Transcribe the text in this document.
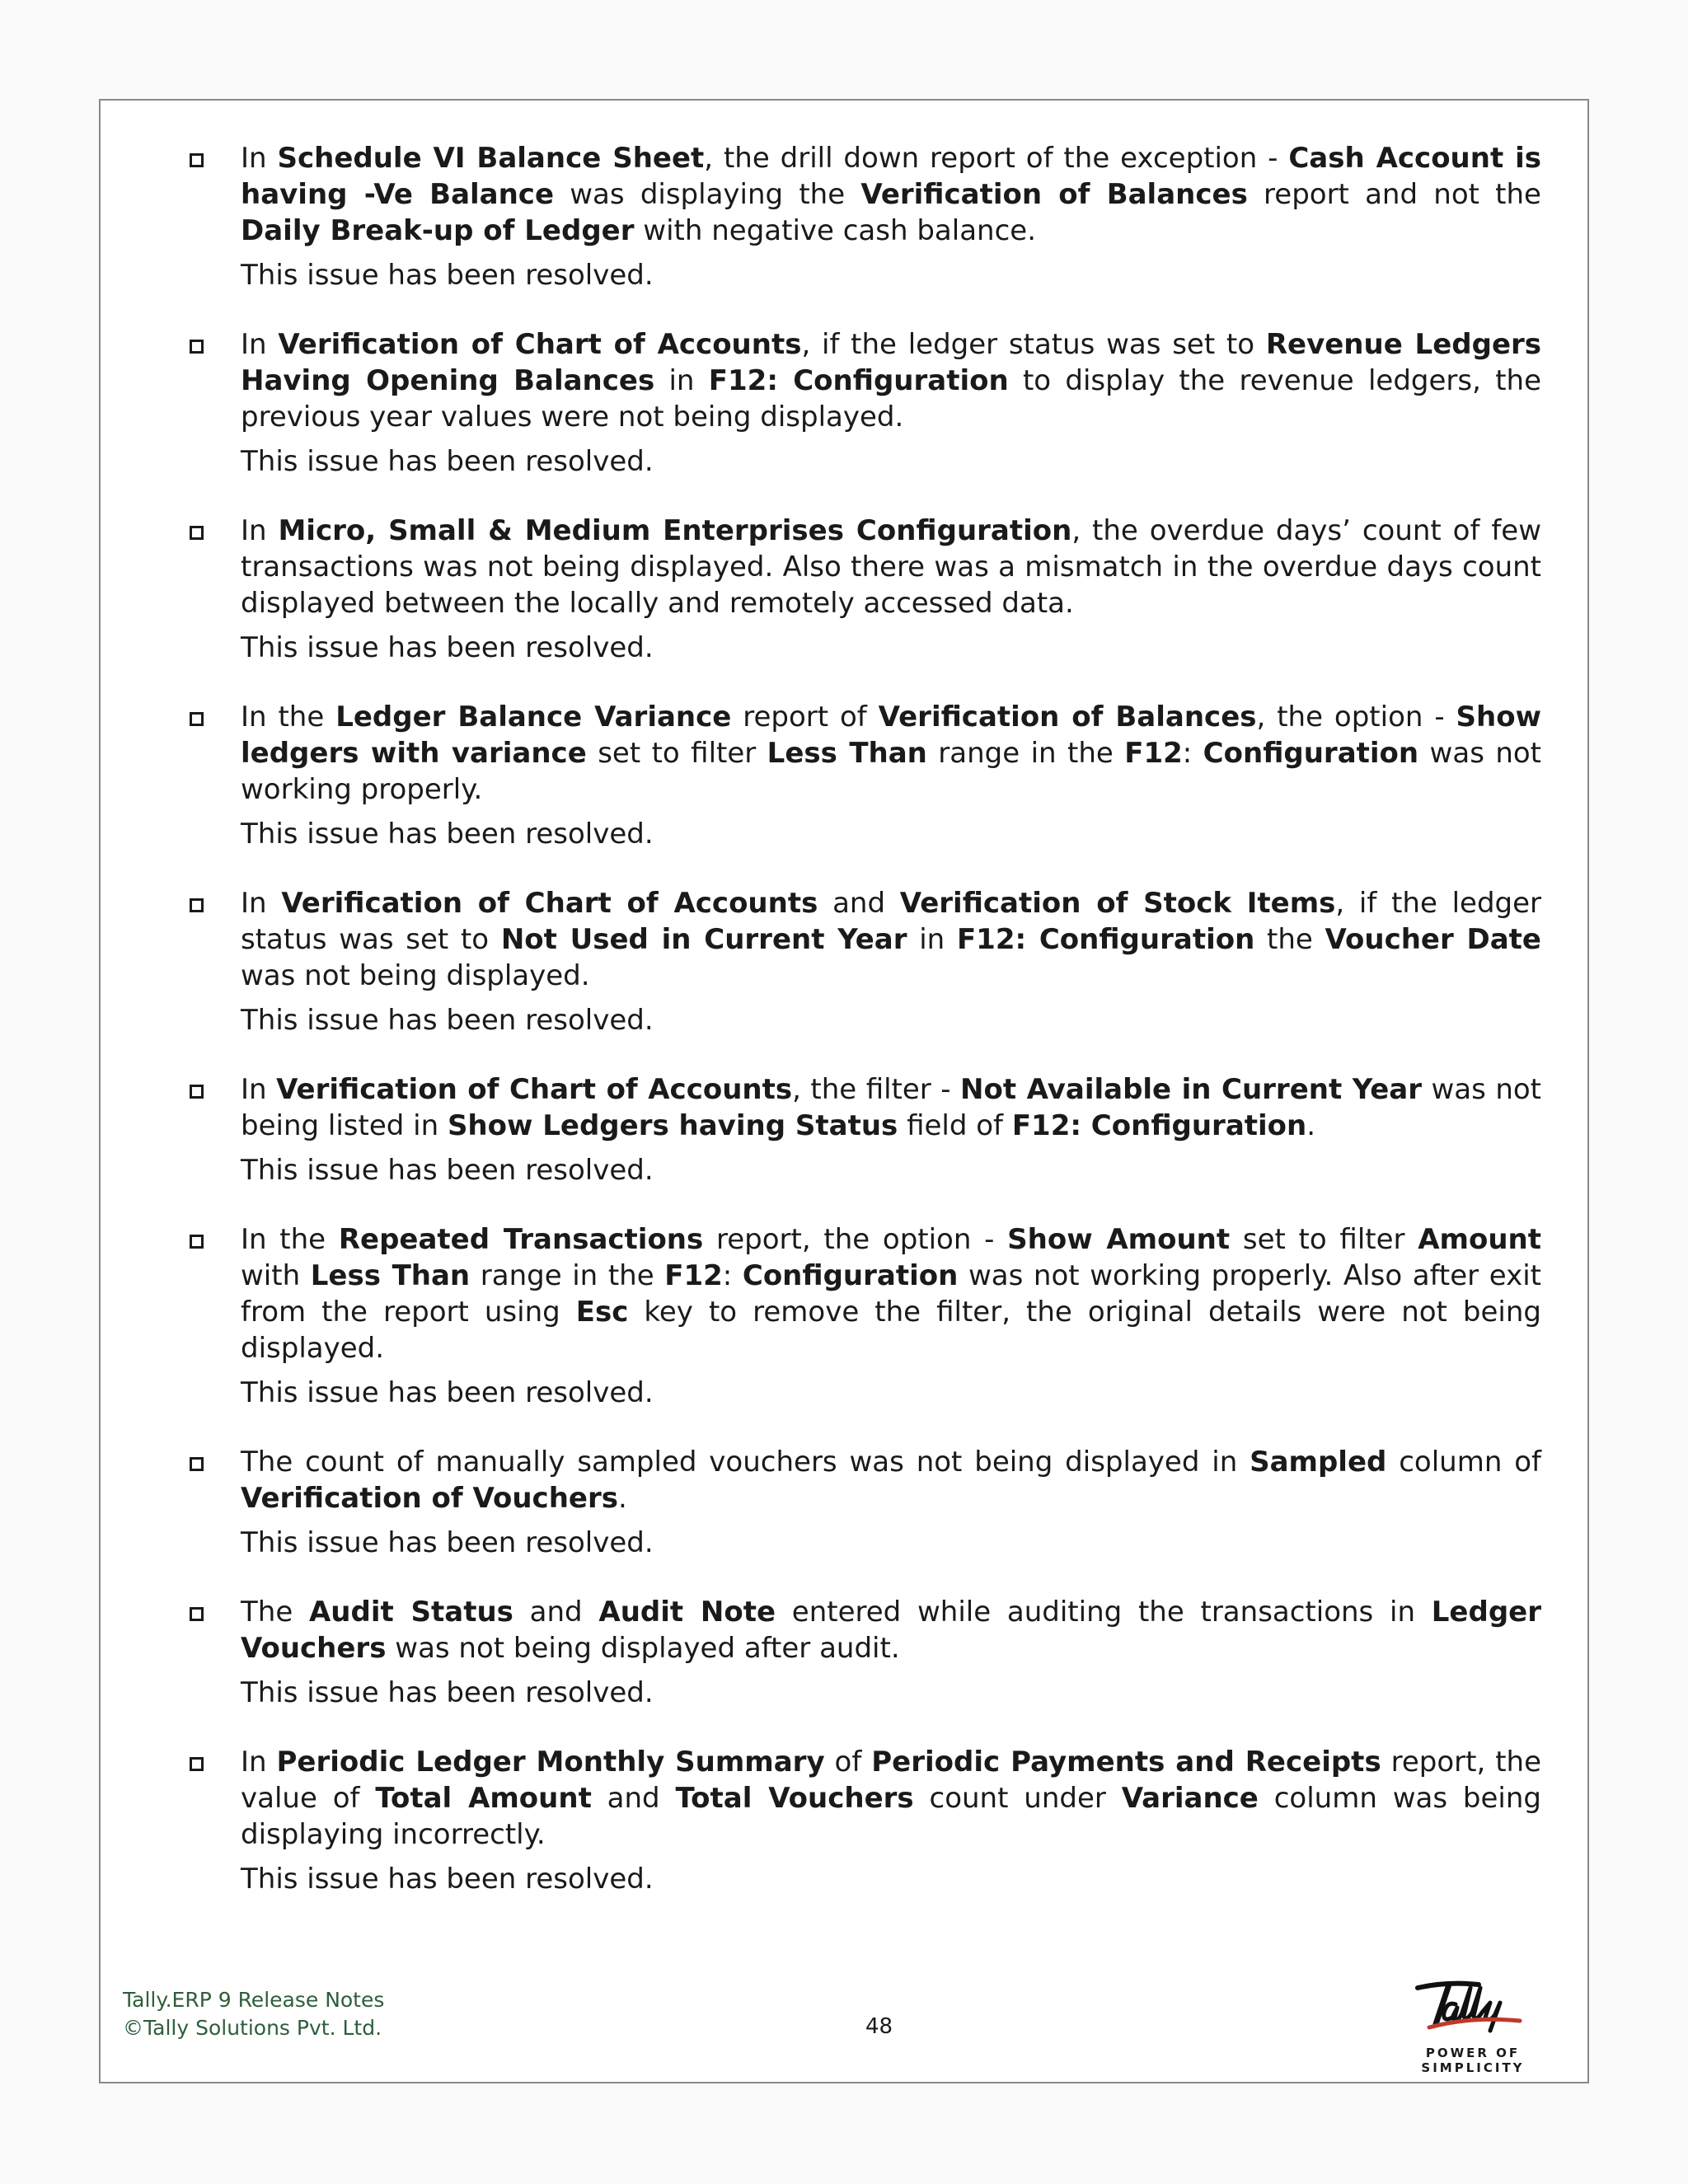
In Schedule VI Balance Sheet, the drill down report of the exception - Cash Account is having -Ve Balance was displaying the Verification of Balances report and not the Daily Break-up of Ledger with negative cash balance.

This issue has been resolved.

In Verification of Chart of Accounts, if the ledger status was set to Revenue Ledgers Having Opening Balances in F12: Configuration to display the revenue ledgers, the previous year values were not being displayed.

This issue has been resolved.

In Micro, Small & Medium Enterprises Configuration, the overdue days’ count of few transactions was not being displayed. Also there was a mismatch in the overdue days count displayed between the locally and remotely accessed data.

This issue has been resolved.

In the Ledger Balance Variance report of Verification of Balances, the option - Show ledgers with variance set to filter Less Than range in the F12: Configuration was not working properly.

This issue has been resolved.

In Verification of Chart of Accounts and Verification of Stock Items, if the ledger status was set to Not Used in Current Year in F12: Configuration the Voucher Date was not being displayed.

This issue has been resolved.

In Verification of Chart of Accounts, the filter - Not Available in Current Year was not being listed in Show Ledgers having Status field of F12: Configuration.

This issue has been resolved.

In the Repeated Transactions report, the option - Show Amount set to filter Amount with Less Than range in the F12: Configuration was not working properly. Also after exit from the report using Esc key to remove the filter, the original details were not being displayed.

This issue has been resolved.

The count of manually sampled vouchers was not being displayed in Sampled column of Verification of Vouchers.

This issue has been resolved.

The Audit Status and Audit Note entered while auditing the transactions in Ledger Vouchers was not being displayed after audit.

This issue has been resolved.

In Periodic Ledger Monthly Summary of Periodic Payments and Receipts report, the value of Total Amount and Total Vouchers count under Variance column was being displaying incorrectly.

This issue has been resolved.

Tally.ERP 9 Release Notes
©Tally Solutions Pvt. Ltd.	48
POWER OF SIMPLICITY
